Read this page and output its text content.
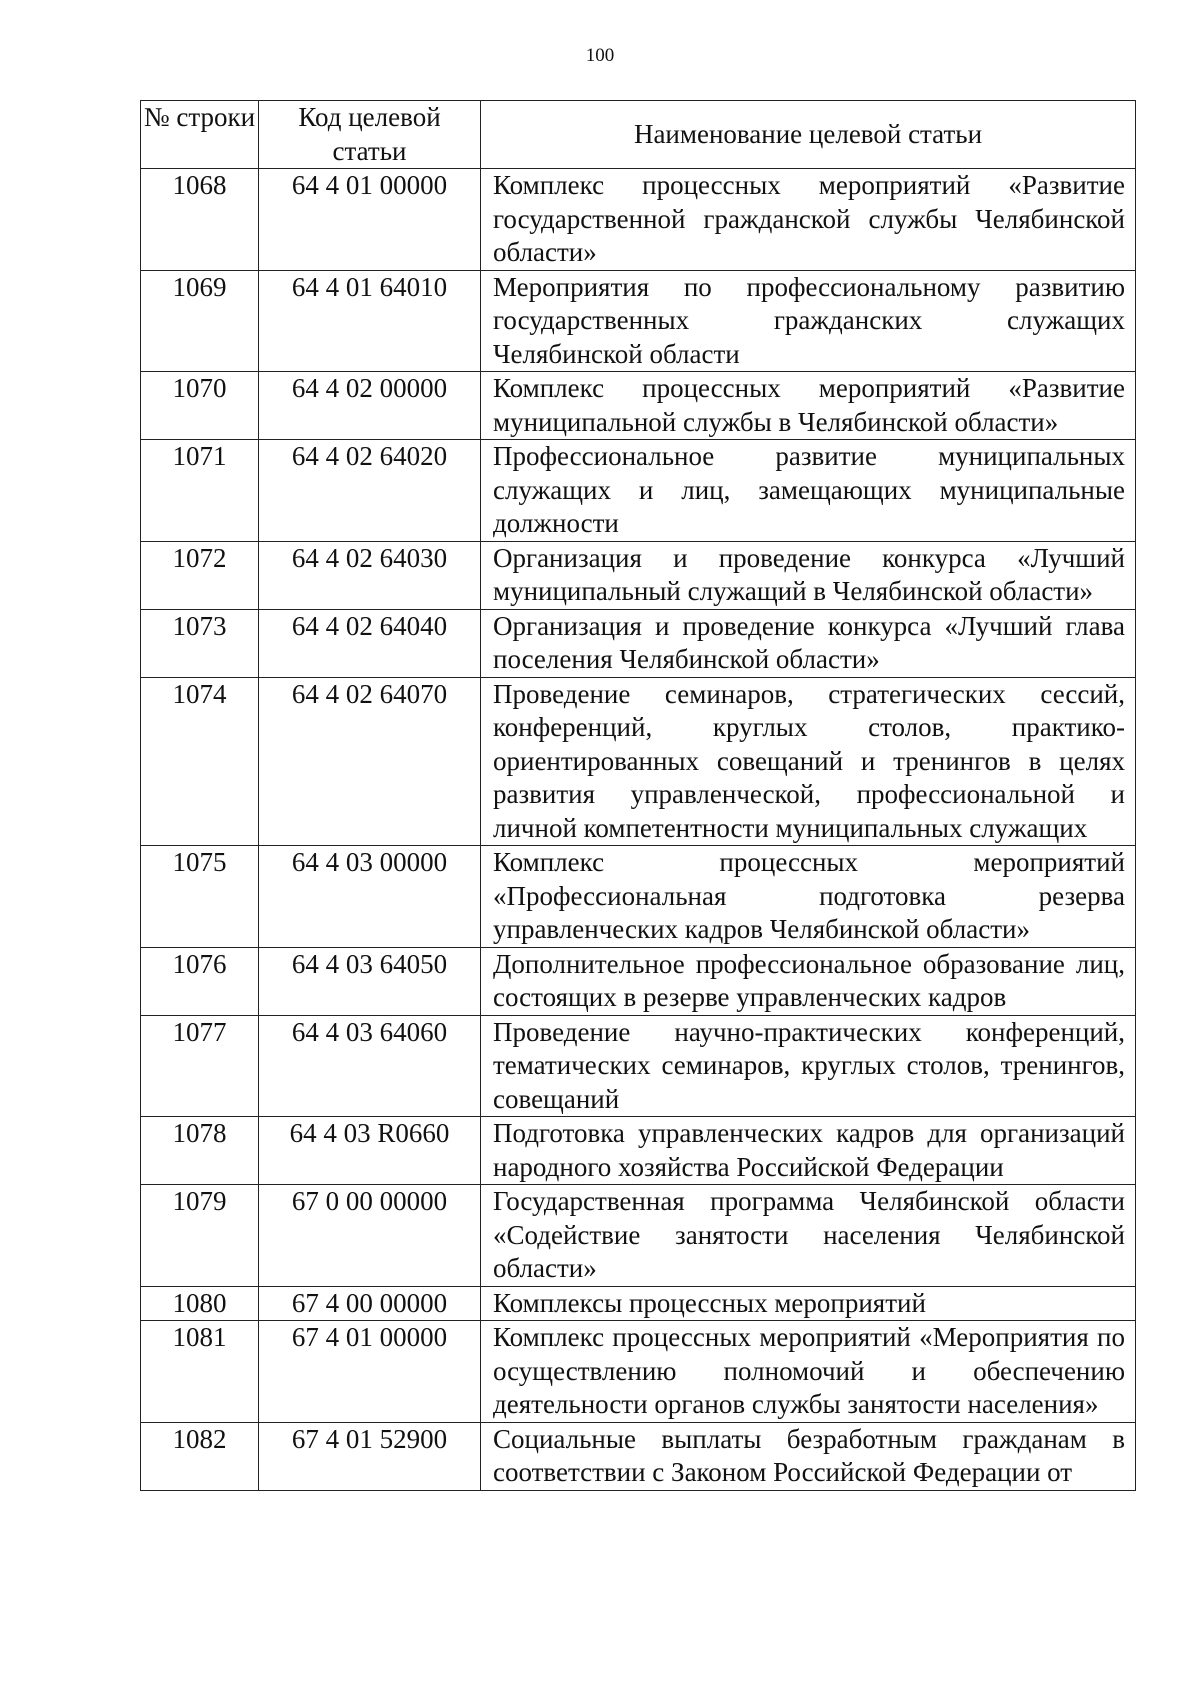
100
№ строки	Код целевой статьи	Наименование целевой статьи
1068	64 4 01 00000	Комплекс процессных мероприятий «Развитие государственной гражданской службы Челябинской области»
1069	64 4 01 64010	Мероприятия по профессиональному развитию государственных гражданских служащих Челябинской области
1070	64 4 02 00000	Комплекс процессных мероприятий «Развитие муниципальной службы в Челябинской области»
1071	64 4 02 64020	Профессиональное развитие муниципальных служащих и лиц, замещающих муниципальные должности
1072	64 4 02 64030	Организация и проведение конкурса «Лучший муниципальный служащий в Челябинской области»
1073	64 4 02 64040	Организация и проведение конкурса «Лучший глава поселения Челябинской области»
1074	64 4 02 64070	Проведение семинаров, стратегических сессий, конференций, круглых столов, практико-ориентированных совещаний и тренингов в целях развития управленческой, профессиональной и личной компетентности муниципальных служащих
1075	64 4 03 00000	Комплекс процессных мероприятий «Профессиональная подготовка резерва управленческих кадров Челябинской области»
1076	64 4 03 64050	Дополнительное профессиональное образование лиц, состоящих в резерве управленческих кадров
1077	64 4 03 64060	Проведение научно-практических конференций, тематических семинаров, круглых столов, тренингов, совещаний
1078	64 4 03 R0660	Подготовка управленческих кадров для организаций народного хозяйства Российской Федерации
1079	67 0 00 00000	Государственная программа Челябинской области «Содействие занятости населения Челябинской области»
1080	67 4 00 00000	Комплексы процессных мероприятий
1081	67 4 01 00000	Комплекс процессных мероприятий «Мероприятия по осуществлению полномочий и обеспечению деятельности органов службы занятости населения»
1082	67 4 01 52900	Социальные выплаты безработным гражданам в соответствии с Законом Российской Федерации от
